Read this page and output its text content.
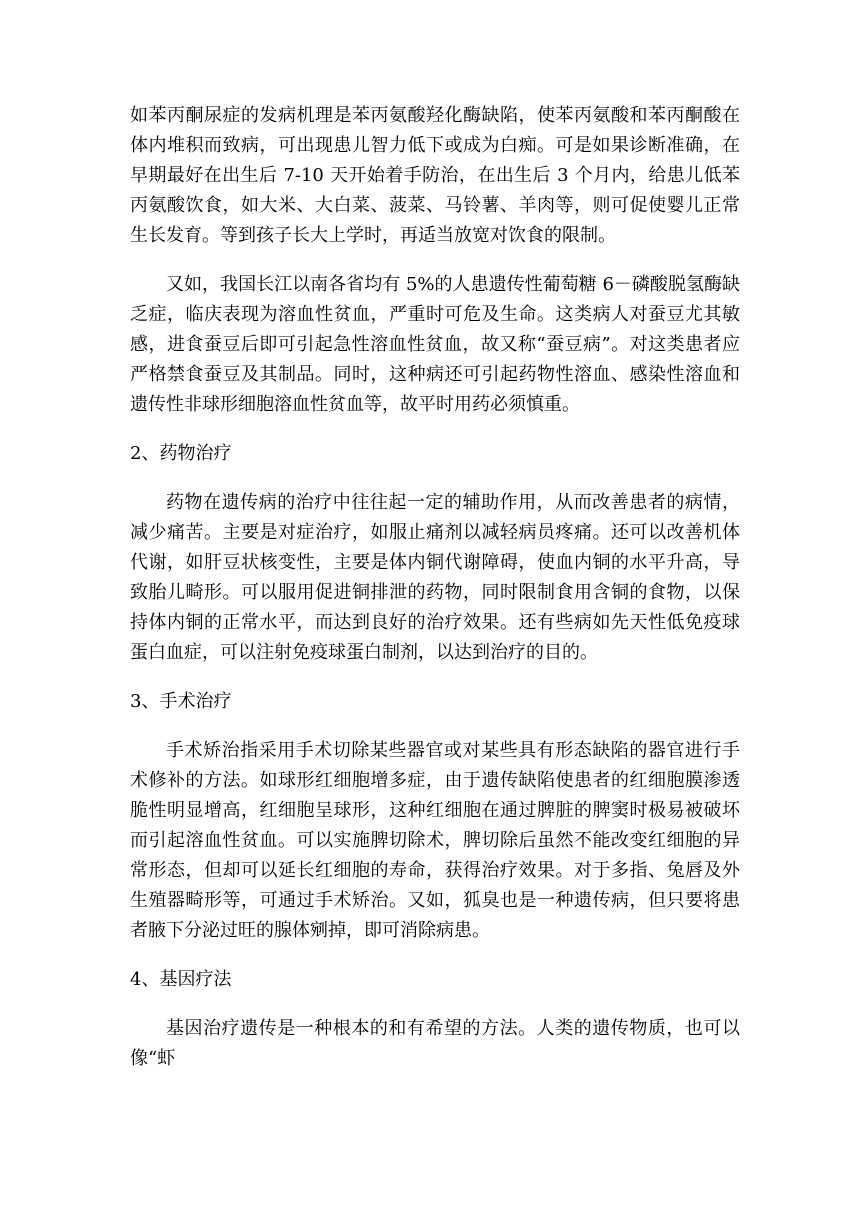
如苯丙酮尿症的发病机理是苯丙氨酸羟化酶缺陷，使苯丙氨酸和苯丙酮酸在体内堆积而致病，可出现患儿智力低下或成为白痴。可是如果诊断准确，在早期最好在出生后 7-10 天开始着手防治，在出生后 3 个月内，给患儿低苯丙氨酸饮食，如大米、大白菜、菠菜、马铃薯、羊肉等，则可促使婴儿正常生长发育。等到孩子长大上学时，再适当放宽对饮食的限制。

又如，我国长江以南各省均有 5%的人患遗传性葡萄糖 6－磷酸脱氢酶缺乏症，临庆表现为溶血性贫血，严重时可危及生命。这类病人对蚕豆尤其敏感，进食蚕豆后即可引起急性溶血性贫血，故又称“蚕豆病”。对这类患者应严格禁食蚕豆及其制品。同时，这种病还可引起药物性溶血、感染性溶血和遗传性非球形细胞溶血性贫血等，故平时用药必须慎重。

2、药物治疗

药物在遗传病的治疗中往往起一定的辅助作用，从而改善患者的病情，减少痛苦。主要是对症治疗，如服止痛剂以减轻病员疼痛。还可以改善机体代谢，如肝豆状核变性，主要是体内铜代谢障碍，使血内铜的水平升高，导致胎儿畸形。可以服用促进铜排泄的药物，同时限制食用含铜的食物，以保持体内铜的正常水平，而达到良好的治疗效果。还有些病如先天性低免疫球蛋白血症，可以注射免疫球蛋白制剂，以达到治疗的目的。

3、手术治疗

手术矫治指采用手术切除某些器官或对某些具有形态缺陷的器官进行手术修补的方法。如球形红细胞增多症，由于遗传缺陷使患者的红细胞膜渗透脆性明显增高，红细胞呈球形，这种红细胞在通过脾脏的脾窦时极易被破坏而引起溶血性贫血。可以实施脾切除术，脾切除后虽然不能改变红细胞的异常形态，但却可以延长红细胞的寿命，获得治疗效果。对于多指、兔唇及外生殖器畸形等，可通过手术矫治。又如，狐臭也是一种遗传病，但只要将患者腋下分泌过旺的腺体剜掉，即可消除病患。

4、基因疗法

基因治疗遗传是一种根本的和有希望的方法。人类的遗传物质，也可以像“虾
